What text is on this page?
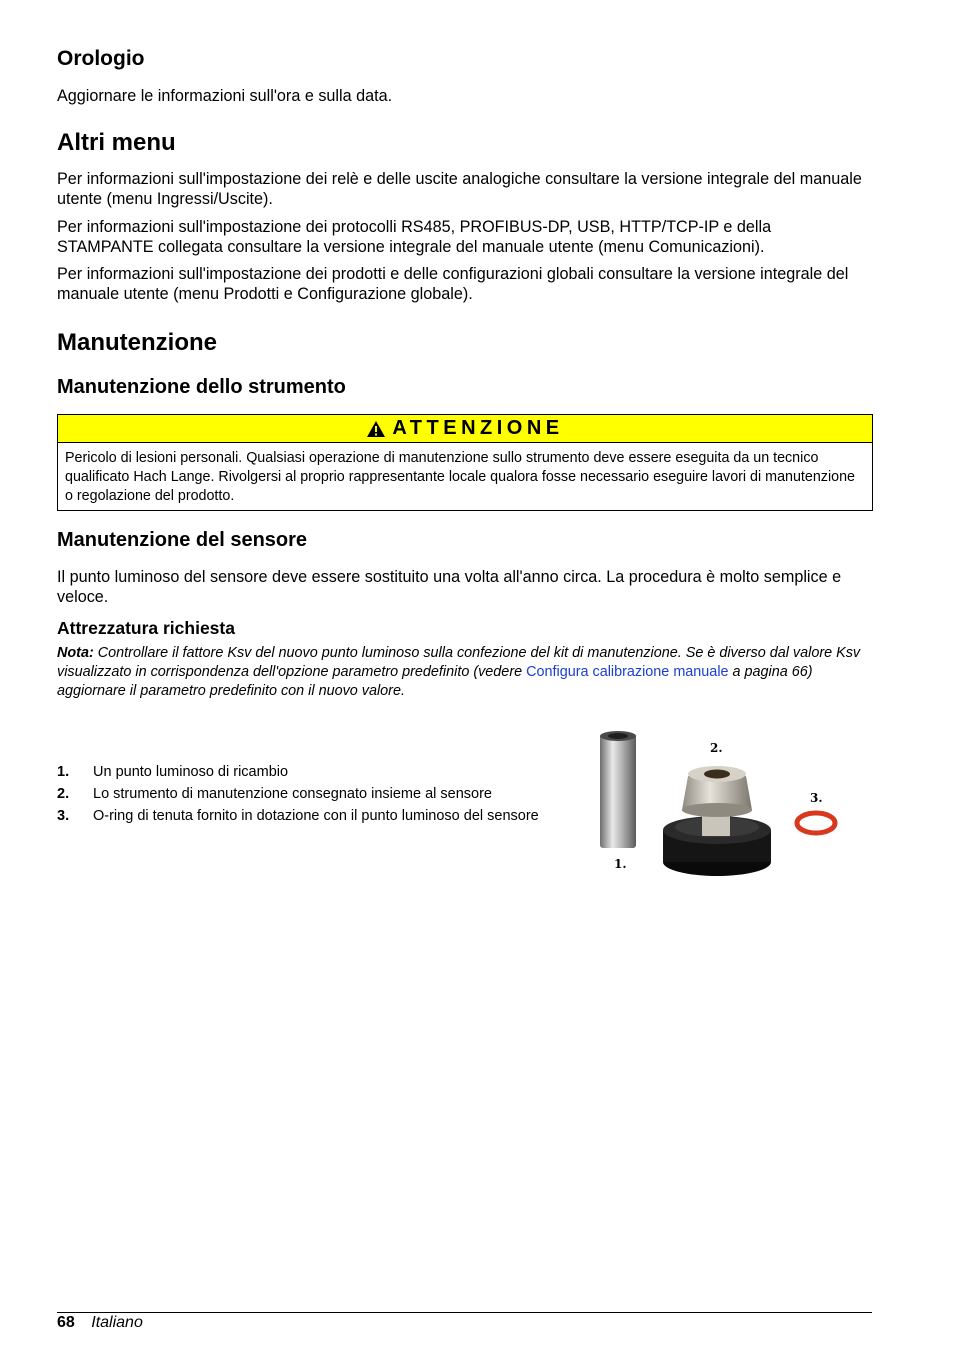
Orologio

Aggiornare le informazioni sull'ora e sulla data.

Altri menu

Per informazioni sull'impostazione dei relè e delle uscite analogiche consultare la versione integrale del manuale utente (menu Ingressi/Uscite).

Per informazioni sull'impostazione dei protocolli RS485, PROFIBUS-DP, USB, HTTP/TCP-IP e della STAMPANTE collegata consultare la versione integrale del manuale utente (menu Comunicazioni).

Per informazioni sull'impostazione dei prodotti e delle configurazioni globali consultare la versione integrale del manuale utente (menu Prodotti e Configurazione globale).

Manutenzione
Manutenzione dello strumento
ATTENZIONE
Pericolo di lesioni personali. Qualsiasi operazione di manutenzione sullo strumento deve essere eseguita da un tecnico qualificato Hach Lange. Rivolgersi al proprio rappresentante locale qualora fosse necessario eseguire lavori di manutenzione o regolazione del prodotto.
Manutenzione del sensore

Il punto luminoso del sensore deve essere sostituito una volta all'anno circa. La procedura è molto semplice e veloce.

Attrezzatura richiesta
Nota: Controllare il fattore Ksv del nuovo punto luminoso sulla confezione del kit di manutenzione. Se è diverso dal valore Ksv visualizzato in corrispondenza dell'opzione parametro predefinito (vedere Configura calibrazione manuale a pagina 66) aggiornare il parametro predefinito con il nuovo valore.
1.	Un punto luminoso di ricambio
2.	Lo strumento di manutenzione consegnato insieme al sensore
3.	O-ring di tenuta fornito in dotazione con il punto luminoso del sensore
1.
2.
3.
68 Italiano
